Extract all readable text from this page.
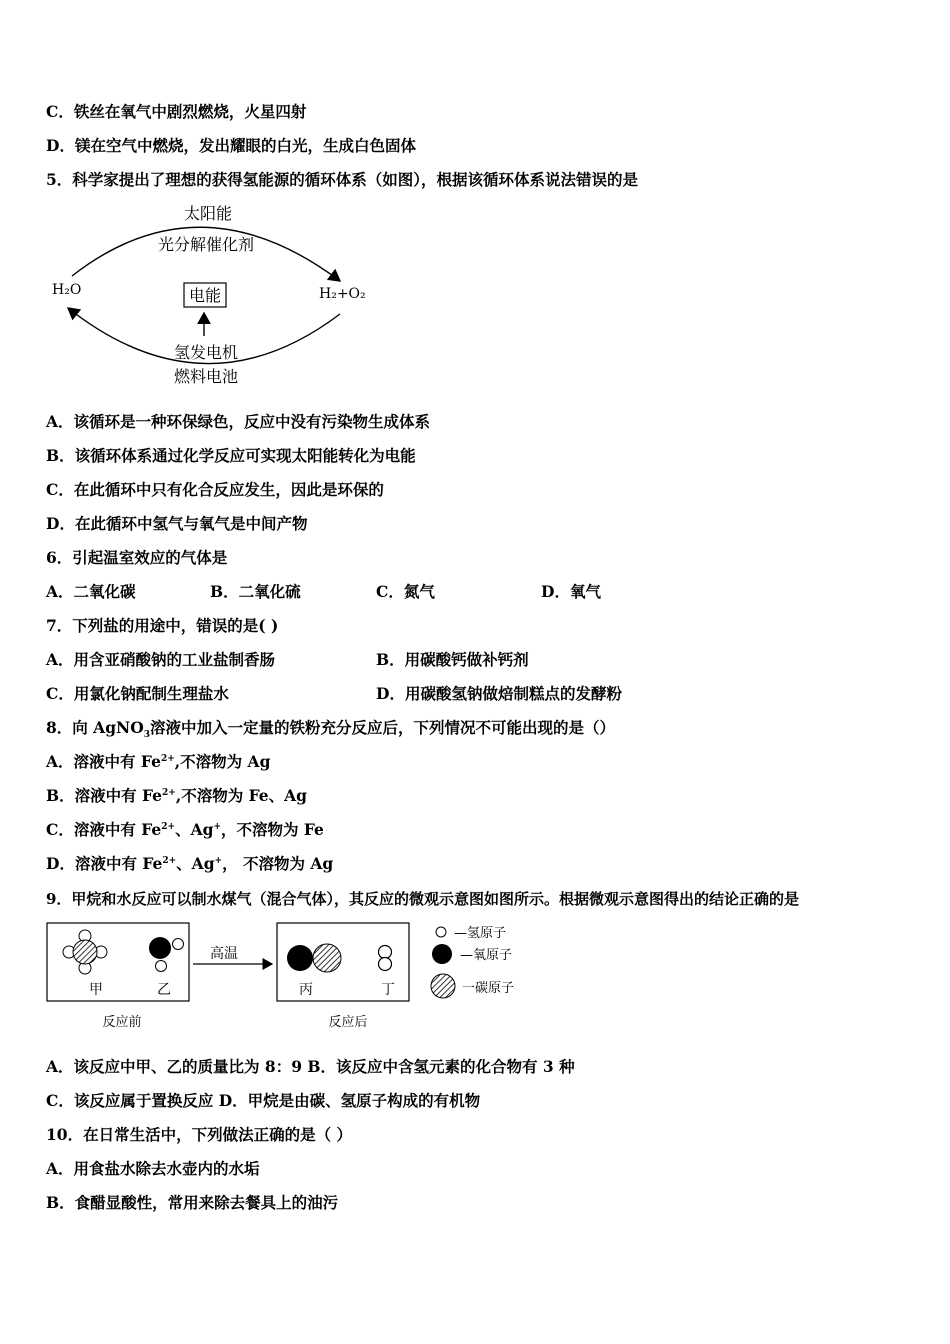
C．铁丝在氧气中剧烈燃烧，火星四射
D．镁在空气中燃烧，发出耀眼的白光，生成白色固体
5．科学家提出了理想的获得氢能源的循环体系（如图），根据该循环体系说法错误的是
太阳能
光分解催化剂
H₂O	H₂+O₂
电能
氢发电机
燃料电池
A．该循环是一种环保绿色，反应中没有污染物生成体系
B．该循环体系通过化学反应可实现太阳能转化为电能
C．在此循环中只有化合反应发生，因此是环保的
D．在此循环中氢气与氧气是中间产物
6．引起温室效应的气体是
A．二氧化碳	B．二氧化硫	C．氮气	D．氧气
7．下列盐的用途中，错误的是( )
A．用含亚硝酸钠的工业盐制香肠	B．用碳酸钙做补钙剂
C．用氯化钠配制生理盐水	D．用碳酸氢钠做焙制糕点的发酵粉
8．向 AgNO$_3$溶液中加入一定量的铁粉充分反应后，下列情况不可能出现的是（）
A．溶液中有 $Fe^{2+}$,不溶物为 Ag
B．溶液中有 $Fe^{2+}$,不溶物为 Fe、Ag
C．溶液中有 $Fe^{2+}$、Ag+，不溶物为 Fe
D．溶液中有 $Fe^{2+}$、Ag+， 不溶物为 Ag
9．甲烷和水反应可以制水煤气（混合气体），其反应的微观示意图如图所示。根据微观示意图得出的结论正确的是
甲	乙
高温
丙	丁
—氢原子
—氧原子
一碳原子
反应前	反应后
A．该反应中甲、乙的质量比为 8：9 B．该反应中含氢元素的化合物有 3 种
C．该反应属于置换反应 D．甲烷是由碳、氢原子构成的有机物
10．在日常生活中，下列做法正确的是（ ）
A．用食盐水除去水壶内的水垢
B．食醋显酸性，常用来除去餐具上的油污
